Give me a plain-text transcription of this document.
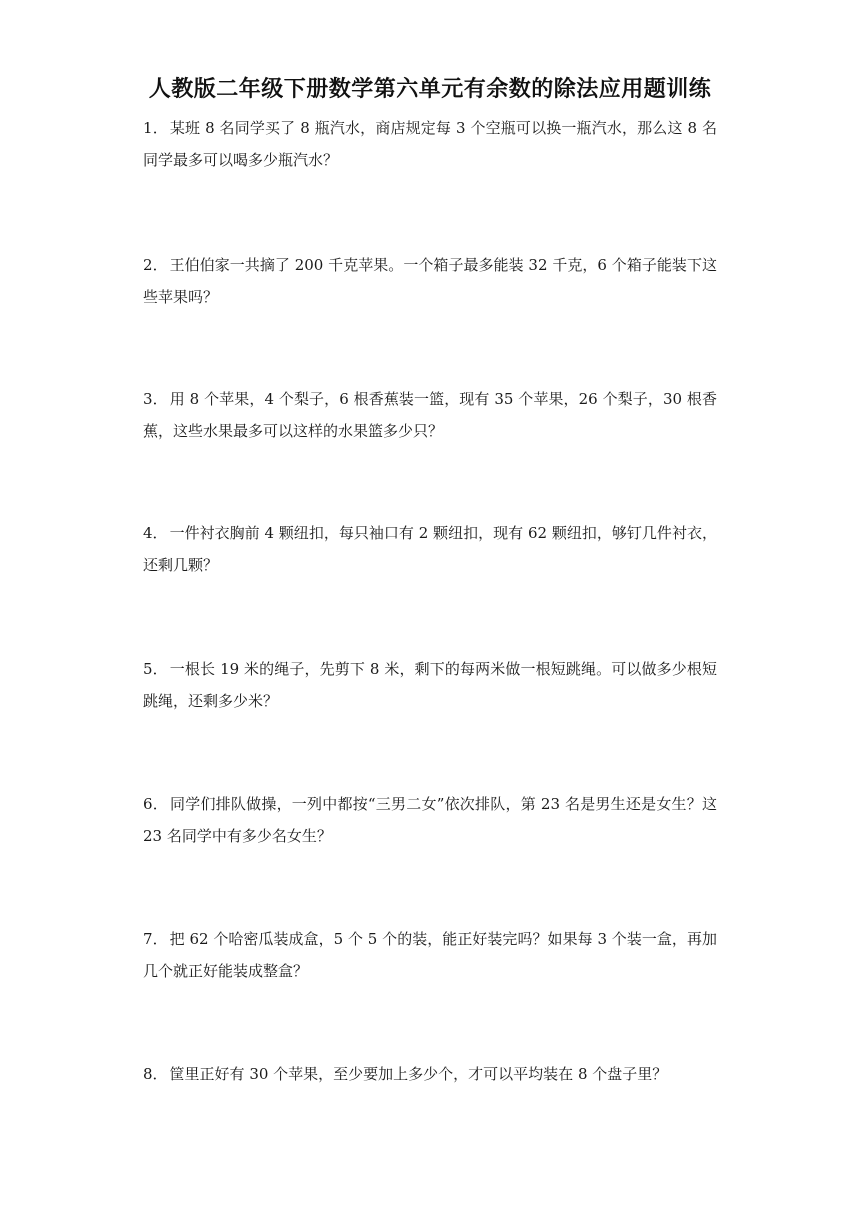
人教版二年级下册数学第六单元有余数的除法应用题训练
1． 某班 8 名同学买了 8 瓶汽水，商店规定每 3 个空瓶可以换一瓶汽水，那么这 8 名同学最多可以喝多少瓶汽水？
2． 王伯伯家一共摘了 200 千克苹果。一个箱子最多能装 32 千克，6 个箱子能装下这些苹果吗？
3． 用 8 个苹果，4 个梨子，6 根香蕉装一篮，现有 35 个苹果，26 个梨子，30 根香蕉，这些水果最多可以这样的水果篮多少只？
4． 一件衬衣胸前 4 颗纽扣，每只袖口有 2 颗纽扣，现有 62 颗纽扣，够钉几件衬衣，还剩几颗？
5． 一根长 19 米的绳子，先剪下 8 米，剩下的每两米做一根短跳绳。可以做多少根短跳绳，还剩多少米？
6． 同学们排队做操，一列中都按“三男二女”依次排队，第 23 名是男生还是女生？这 23 名同学中有多少名女生？
7． 把 62 个哈密瓜装成盒，5 个 5 个的装，能正好装完吗？如果每 3 个装一盒，再加几个就正好能装成整盒？
8． 筐里正好有 30 个苹果，至少要加上多少个，才可以平均装在 8 个盘子里？
